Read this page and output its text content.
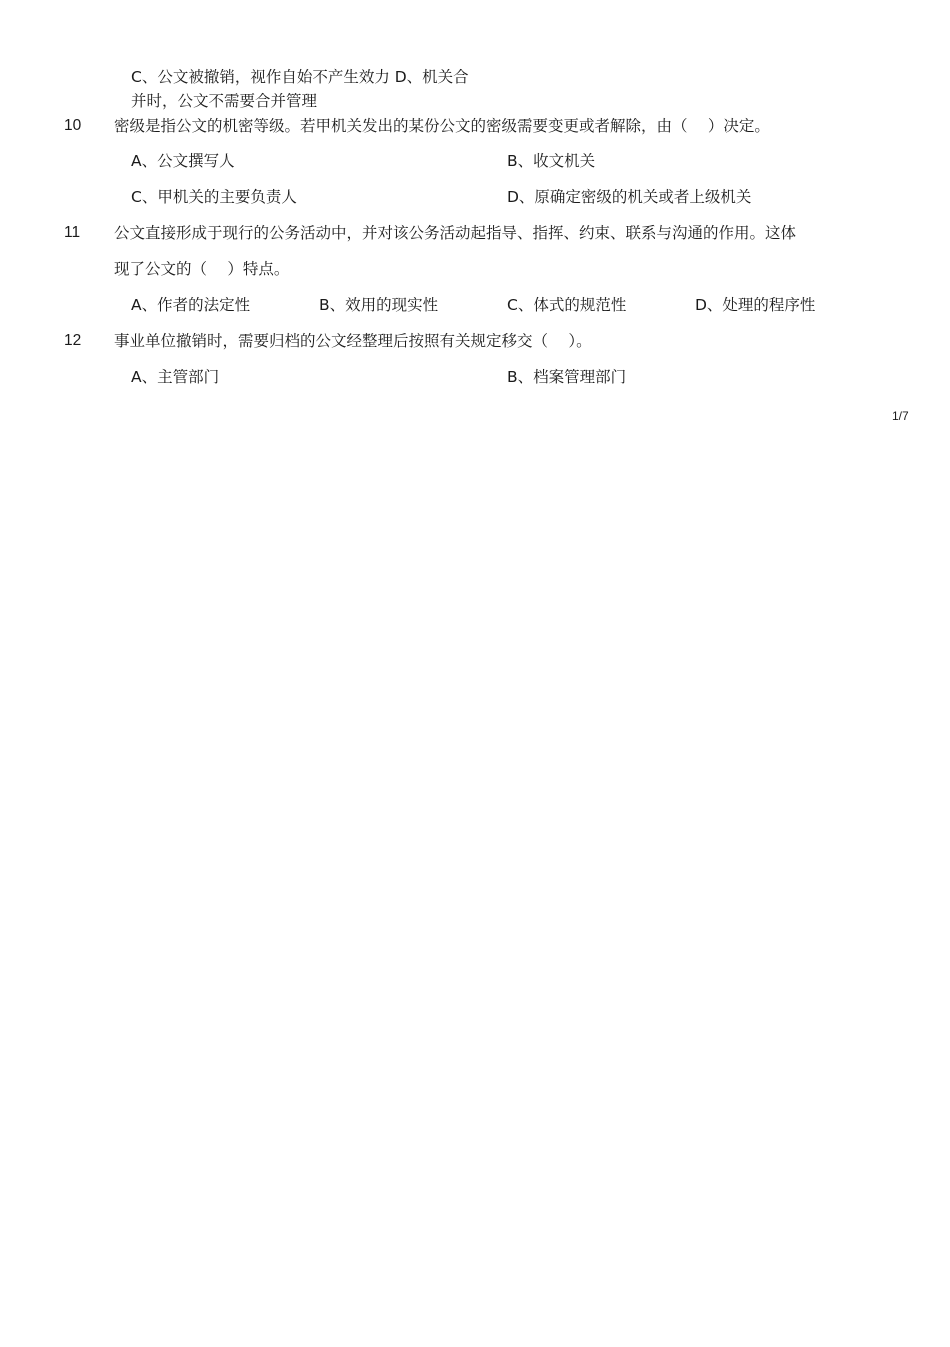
C、公文被撤销，视作自始不产生效力 D、机关合
并时，公文不需要合并管理
10 密级是指公文的机密等级。若甲机关发出的某份公文的密级需要变更或者解除，由（　 ）决定。
A、公文撰写人	B、收文机关
C、甲机关的主要负责人	D、原确定密级的机关或者上级机关
11 公文直接形成于现行的公务活动中，并对该公务活动起指导、指挥、约束、联系与沟通的作用。这体
现了公文的（　 ）特点。
A、作者的法定性	B、效用的现实性	C、体式的规范性	D、处理的程序性
12 事业单位撤销时，需要归档的公文经整理后按照有关规定移交（　 ）。
A、主管部门	B、档案管理部门
1/7
